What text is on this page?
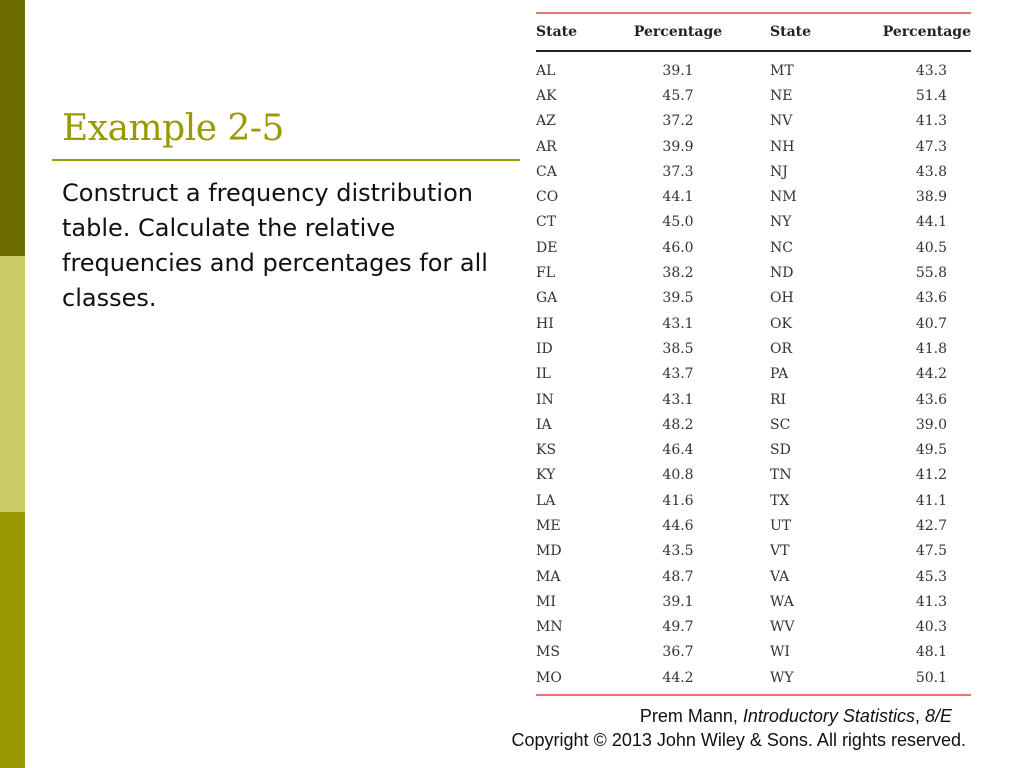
Example 2-5
Construct a frequency distribution table. Calculate the relative frequencies and percentages for all classes.
State	Percentage	State	Percentage
AL	39.1	MT	43.3
AK	45.7	NE	51.4
AZ	37.2	NV	41.3
AR	39.9	NH	47.3
CA	37.3	NJ	43.8
CO	44.1	NM	38.9
CT	45.0	NY	44.1
DE	46.0	NC	40.5
FL	38.2	ND	55.8
GA	39.5	OH	43.6
HI	43.1	OK	40.7
ID	38.5	OR	41.8
IL	43.7	PA	44.2
IN	43.1	RI	43.6
IA	48.2	SC	39.0
KS	46.4	SD	49.5
KY	40.8	TN	41.2
LA	41.6	TX	41.1
ME	44.6	UT	42.7
MD	43.5	VT	47.5
MA	48.7	VA	45.3
MI	39.1	WA	41.3
MN	49.7	WV	40.3
MS	36.7	WI	48.1
MO	44.2	WY	50.1
Prem Mann, Introductory Statistics, 8/E
Copyright © 2013 John Wiley & Sons. All rights reserved.
